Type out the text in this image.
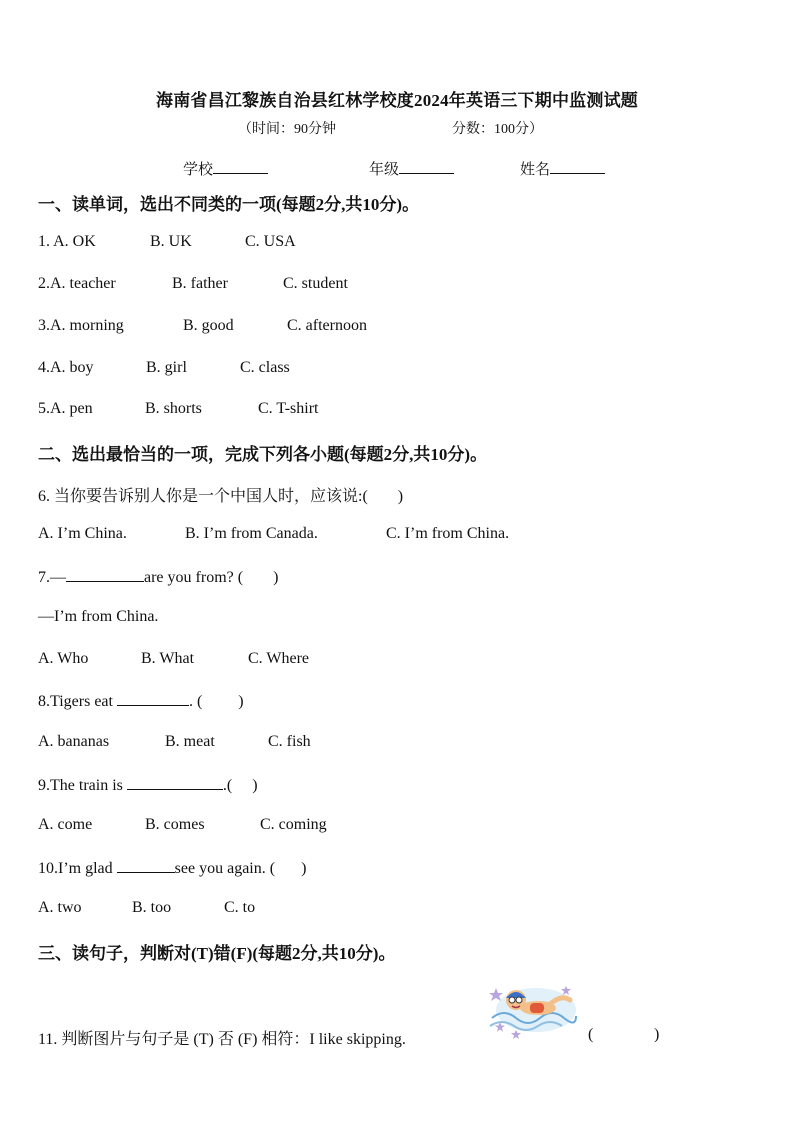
海南省昌江黎族自治县红林学校度2024年英语三下期中监测试题
（时间：90分钟	分数：100分）
学校	年级	姓名
一、读单词，选出不同类的一项(每题2分,共10分)。
1. A. OK	B. UK	C. USA
2.A. teacher	B. father	C. student
3.A. morning	B. good	C. afternoon
4.A. boy	B. girl	C. class
5.A. pen	B. shorts	C. T-shirt
二、选出最恰当的一项，完成下列各小题(每题2分,共10分)。
6. 当你要告诉别人你是一个中国人时，应该说:( )
A. I’m China.	B. I’m from Canada.	C. I’m from China.
7.—	are you from? ( )
—I’m from China.
A. Who	B. What	C. Where
8.Tigers eat	. ( )
A. bananas	B. meat	C. fish
9.The train is	.( )
A. come	B. comes	C. coming
10.I’m glad	see you again. ( )
A. two	B. too	C. to
三、读句子，判断对(T)错(F)(每题2分,共10分)。
11. 判断图片与句子是 (T) 否 (F) 相符：I like skipping.	(	)
